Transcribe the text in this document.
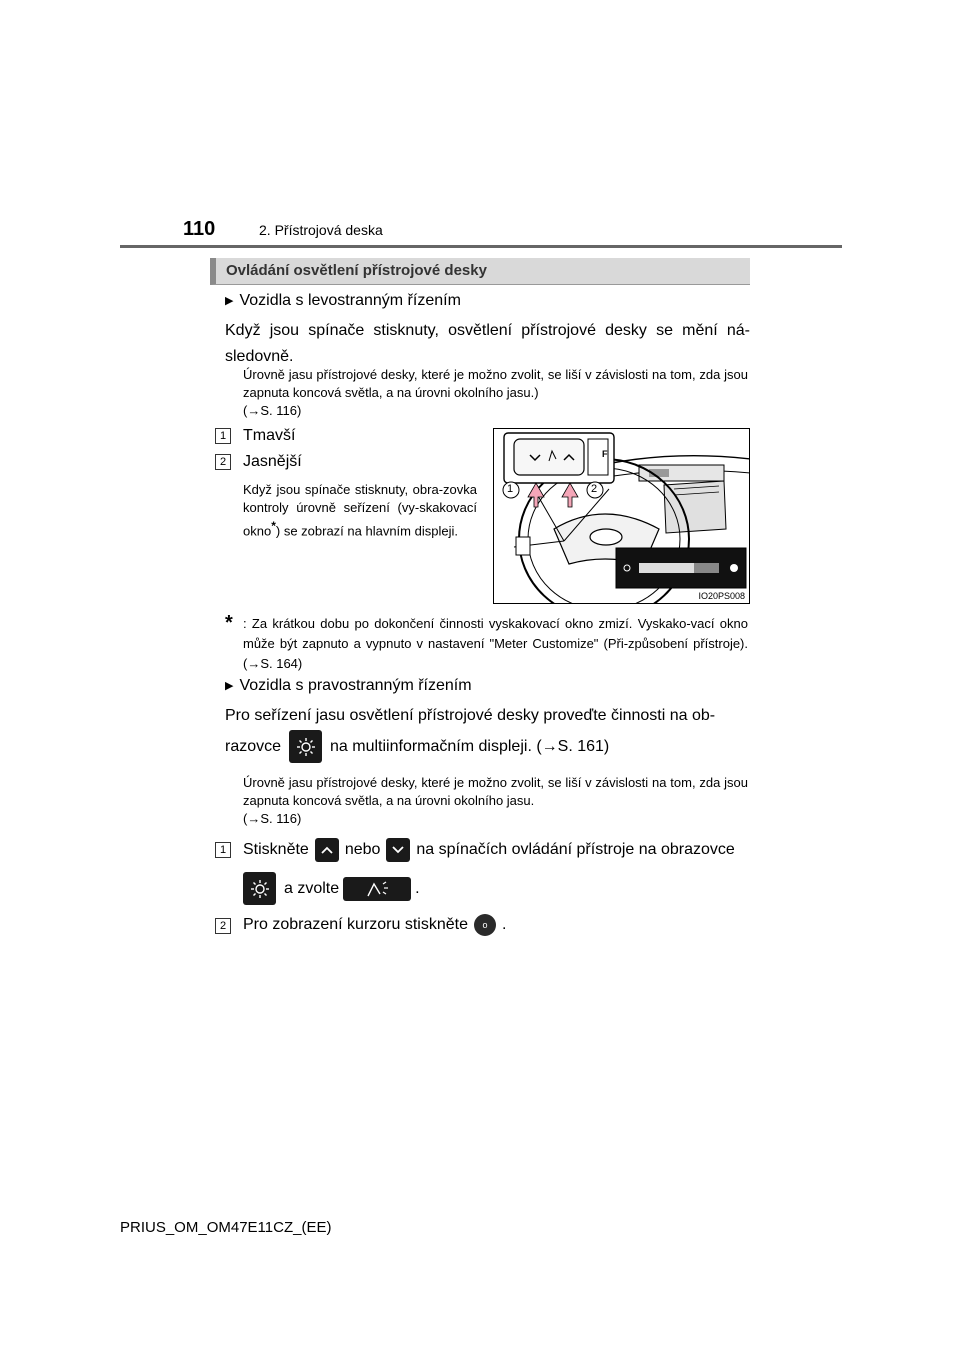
110	2. Přístrojová deska
Ovládání osvětlení přístrojové desky
▶ Vozidla s levostranným řízením
Když jsou spínače stisknuty, osvětlení přístrojové desky se mění ná-sledovně.
Úrovně jasu přístrojové desky, které je možno zvolit, se liší v závislosti na tom, zda jsou zapnuta koncová světla, a na úrovni okolního jasu.)
(→S. 116)
1	Tmavší
2	Jasnější
Když jsou spínače stisknuty, obra-zovka kontroly úrovně seřízení (vy-skakovací okno*) se zobrazí na hlavním displeji.
F
1	2
IO20PS008
* : Za krátkou dobu po dokončení činnosti vyskakovací okno zmizí. Vyskako-vací okno může být zapnuto a vypnuto v nastavení "Meter Customize" (Při-způsobení přístroje). (→S. 164)
▶ Vozidla s pravostranným řízením
Pro seřízení jasu osvětlení přístrojové desky proveďte činnosti na ob-
razovce	na multiinformačním displeji. (→S. 161)
Úrovně jasu přístrojové desky, které je možno zvolit, se liší v závislosti na tom, zda jsou zapnuta koncová světla, a na úrovni okolního jasu.
(→S. 116)
1	Stiskněte nebo na spínačích ovládání přístroje na obrazovce
a zvolte	.
2	Pro zobrazení kurzoru stiskněte	o .
PRIUS_OM_OM47E11CZ_(EE)
